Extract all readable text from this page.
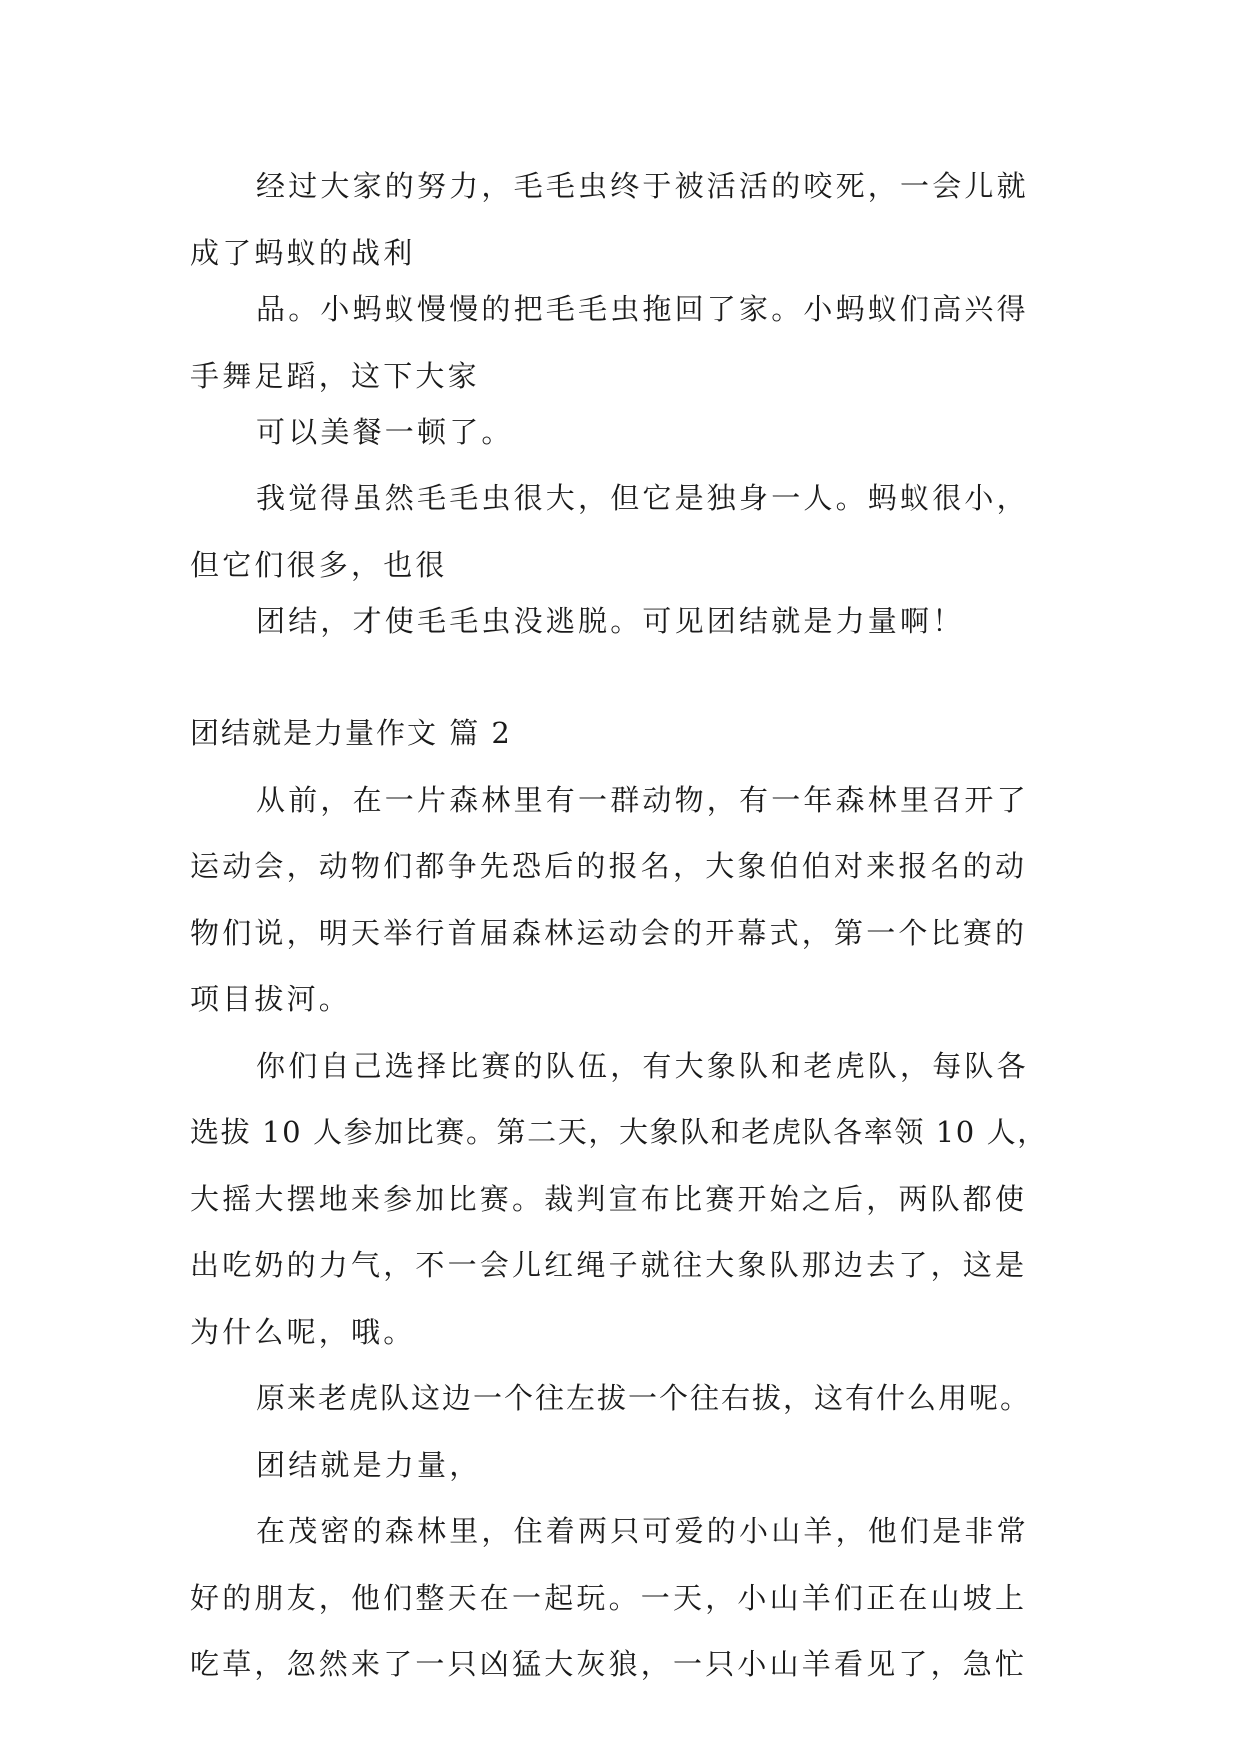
经过大家的努力，毛毛虫终于被活活的咬死，一会儿就
成了蚂蚁的战利
品。小蚂蚁慢慢的把毛毛虫拖回了家。小蚂蚁们高兴得
手舞足蹈，这下大家
可以美餐一顿了。
我觉得虽然毛毛虫很大，但它是独身一人。蚂蚁很小，
但它们很多，也很
团结，才使毛毛虫没逃脱。可见团结就是力量啊！
团结就是力量作文 篇 2
从前，在一片森林里有一群动物，有一年森林里召开了
运动会，动物们都争先恐后的报名，大象伯伯对来报名的动
物们说，明天举行首届森林运动会的开幕式，第一个比赛的
项目拔河。
你们自己选择比赛的队伍，有大象队和老虎队，每队各
选拔 10 人参加比赛。第二天，大象队和老虎队各率领 10 人，
大摇大摆地来参加比赛。裁判宣布比赛开始之后，两队都使
出吃奶的力气，不一会儿红绳子就往大象队那边去了，这是
为什么呢，哦。
原来老虎队这边一个往左拔一个往右拔，这有什么用呢。
团结就是力量，
在茂密的森林里，住着两只可爱的小山羊，他们是非常
好的朋友，他们整天在一起玩。一天，小山羊们正在山坡上
吃草，忽然来了一只凶猛大灰狼，一只小山羊看见了，急忙
